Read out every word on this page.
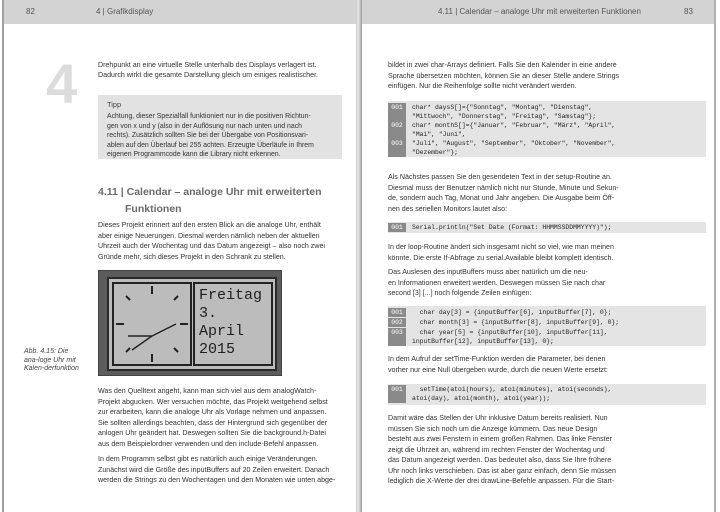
82	4 | Grafikdisplay
4	Drehpunkt an eine virtuelle Stelle unterhalb des Displays verlagert ist.

Dadurch wirkt die gesamte Darstellung gleich um einiges realistischer.

Tipp

Achtung, dieser Spezialfall funktioniert nur in die positiven Richtun-

gen von x und y (also in der Auflösung nur nach unten und nach

rechts). Zusätzlich sollten Sie bei der Übergabe von Positionsvari-

ablen auf den Überlauf bei 255 achten. Erzeugte Überläufe in Ihrem

eigenen Programmcode kann die Library nicht erkennen.

4.11 | Calendar – analoge Uhr mit erweiterten

Funktionen

Dieses Projekt erinnert auf den ersten Blick an die analoge Uhr, enthält

aber einige Neuerungen. Diesmal werden nämlich neben der aktuellen

Uhrzeit auch der Wochentag und das Datum angezeigt – also noch zwei

Gründe mehr, sich dieses Projekt in den Schrank zu stellen.

Freitag

3.

April

2015

Abb. 4.15: Die ana-loge Uhr mit Kalen-derfunktion

Was den Quelltext angeht, kann man sich viel aus dem analogWatch-

Projekt abgucken. Wer versuchen möchte, das Projekt weitgehend selbst

zur erarbeiten, kann die analoge Uhr als Vorlage nehmen und anpassen.

Sie sollten allerdings beachten, dass der Hintergrund sich gegenüber der

anlogen Uhr geändert hat. Deswegen sollten Sie die background.h-Datei

aus dem Beispielordner verwenden und den include-Befehl anpassen.

In dem Programm selbst gibt es natürlich auch einige Veränderungen.

Zunächst wird die Größe des inputBuffers auf 20 Zeilen erweitert. Danach

werden die Strings zu den Wochentagen und den Monaten wie unten abge-

4.11 | Calendar – analoge Uhr mit erweiterten Funktionen	83

bildet in zwei char-Arrays definiert. Falls Sie den Kalender in eine andere

Sprache übersetzen möchten, können Sie an dieser Stelle andere Strings

einfügen. Nur die Reihenfolge sollte nicht verändert werden.

001	char* daysS[]={"Sonntag", "Montag", "Dienstag",
"Mittwoch", "Donnerstag", "Freitag", "Samstag"};
002	char* monthS[]={"Januar", "Februar", "März", "April",
"Mai", "Juni",
003	"Juli", "August", "September", "Oktober", "November",
"Dezember"};

Als Nächstes passen Sie den gesendeten Text in der setup-Routine an.

Diesmal muss der Benutzer nämlich nicht nur Stunde, Minute und Sekun-

de, sondern auch Tag, Monat und Jahr angeben. Die Ausgabe beim Öff-

nen des seriellen Monitors lautet also:

001	Serial.println("Set Date (Format: HHMMSSDDMMYYYY)");

In der loop-Routine ändert sich insgesamt nicht so viel, wie man meinen

könnte. Die erste If-Abfrage zu serial.Available bleibt komplett identisch.

Das Auslesen des inputBuffers muss aber natürlich um die neu-

en Informationen erweitert werden. Deswegen müssen Sie nach char

second [3] [...] noch folgende Zeilen einfügen:

001	char day[3] = {inputBuffer[6], inputBuffer[7], 0};
002	char month[3] = {inputBuffer[8], inputBuffer[9], 0};
003	char year[5] = {inputBuffer[10], inputBuffer[11],
inputBuffer[12], inputBuffer[13], 0};

In dem Aufruf der setTime-Funktion werden die Parameter, bei denen

vorher nur eine Null übergeben wurde, durch die neuen Werte ersetzt:

001	setTime(atoi(hours), atoi(minutes), atoi(seconds),
atoi(day), atoi(month), atoi(year));

Damit wäre das Stellen der Uhr inklusive Datum bereits realisiert. Nun

müssen Sie sich noch um die Anzeige kümmern. Das neue Design

besteht aus zwei Fenstern in einem großen Rahmen. Das linke Fenster

zeigt die Uhrzeit an, während im rechten Fenster der Wochentag und

das Datum angezeigt werden. Das bedeutet also, dass Sie Ihre frühere

Uhr noch links verschieben. Das ist aber ganz einfach, denn Sie müssen

lediglich die X-Werte der drei drawLine-Befehle anpassen. Für die Start-
